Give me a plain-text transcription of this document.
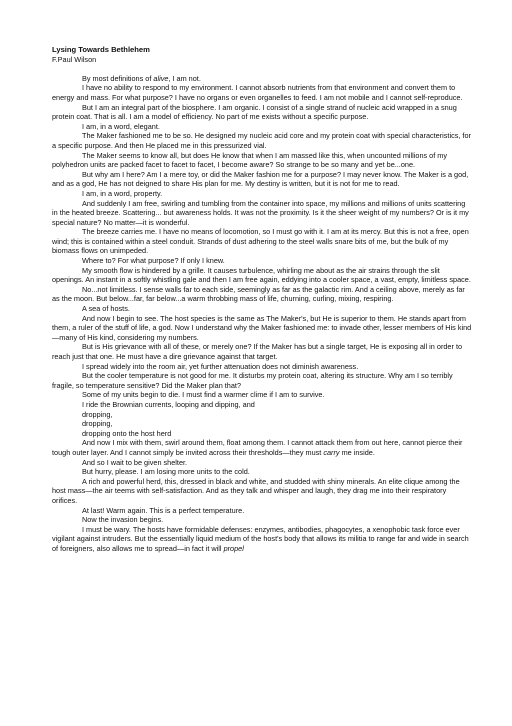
Lysing Towards Bethlehem
F.Paul Wilson

By most definitions of alive, I am not.

I have no ability to respond to my environment. I cannot absorb nutrients from that environment and convert them to energy and mass. For what purpose? I have no organs or even organelles to feed. I am not mobile and I cannot self-reproduce.

But I am an integral part of the biosphere. I am organic. I consist of a single strand of nucleic acid wrapped in a snug protein coat. That is all. I am a model of efficiency. No part of me exists without a specific purpose.

I am, in a word, elegant.

The Maker fashioned me to be so. He designed my nucleic acid core and my protein coat with special characteristics, for a specific purpose. And then He placed me in this pressurized vial.

The Maker seems to know all, but does He know that when I am massed like this, when uncounted millions of my polyhedron units are packed facet to facet to facet, I become aware? So strange to be so many and yet be...one.

But why am I here? Am I a mere toy, or did the Maker fashion me for a purpose? I may never know. The Maker is a god, and as a god, He has not deigned to share His plan for me. My destiny is written, but it is not for me to read.

I am, in a word, property.

And suddenly I am free, swirling and tumbling from the container into space, my millions and millions of units scattering in the heated breeze. Scattering... but awareness holds. It was not the proximity. Is it the sheer weight of my numbers? Or is it my special nature? No matter—it is wonderful.

The breeze carries me. I have no means of locomotion, so I must go with it. I am at its mercy. But this is not a free, open wind; this is contained within a steel conduit. Strands of dust adhering to the steel walls snare bits of me, but the bulk of my biomass flows on unimpeded.

Where to? For what purpose? If only I knew.

My smooth flow is hindered by a grille. It causes turbulence, whirling me about as the air strains through the slit openings. An instant in a softly whistling gale and then I am free again, eddying into a cooler space, a vast, empty, limitless space.

No...not limitless. I sense walls far to each side, seemingly as far as the galactic rim. And a ceiling above, merely as far as the moon. But below...far, far below...a warm throbbing mass of life, churning, curling, mixing, respiring.

A sea of hosts.

And now I begin to see. The host species is the same as The Maker's, but He is superior to them. He stands apart from them, a ruler of the stuff of life, a god. Now I understand why the Maker fashioned me: to invade other, lesser members of His kind—many of His kind, considering my numbers.

But is His grievance with all of these, or merely one? If the Maker has but a single target, He is exposing all in order to reach just that one. He must have a dire grievance against that target.

I spread widely into the room air, yet further attenuation does not diminish awareness.

But the cooler temperature is not good for me. It disturbs my protein coat, altering its structure. Why am I so terribly fragile, so temperature sensitive? Did the Maker plan that?

Some of my units begin to die. I must find a warmer clime if I am to survive.

I ride the Brownian currents, looping and dipping, and

dropping,

dropping,

dropping onto the host herd

And now I mix with them, swirl around them, float among them. I cannot attack them from out here, cannot pierce their tough outer layer. And I cannot simply be invited across their thresholds—they must carry me inside.

And so I wait to be given shelter.

But hurry, please. I am losing more units to the cold.

A rich and powerful herd, this, dressed in black and white, and studded with shiny minerals. An elite clique among the host mass—the air teems with self-satisfaction. And as they talk and whisper and laugh, they drag me into their respiratory orifices.

At last! Warm again. This is a perfect temperature.

Now the invasion begins.

I must be wary. The hosts have formidable defenses: enzymes, antibodies, phagocytes, a xenophobic task force ever vigilant against intruders. But the essentially liquid medium of the host's body that allows its militia to range far and wide in search of foreigners, also allows me to spread—in fact it will propel
